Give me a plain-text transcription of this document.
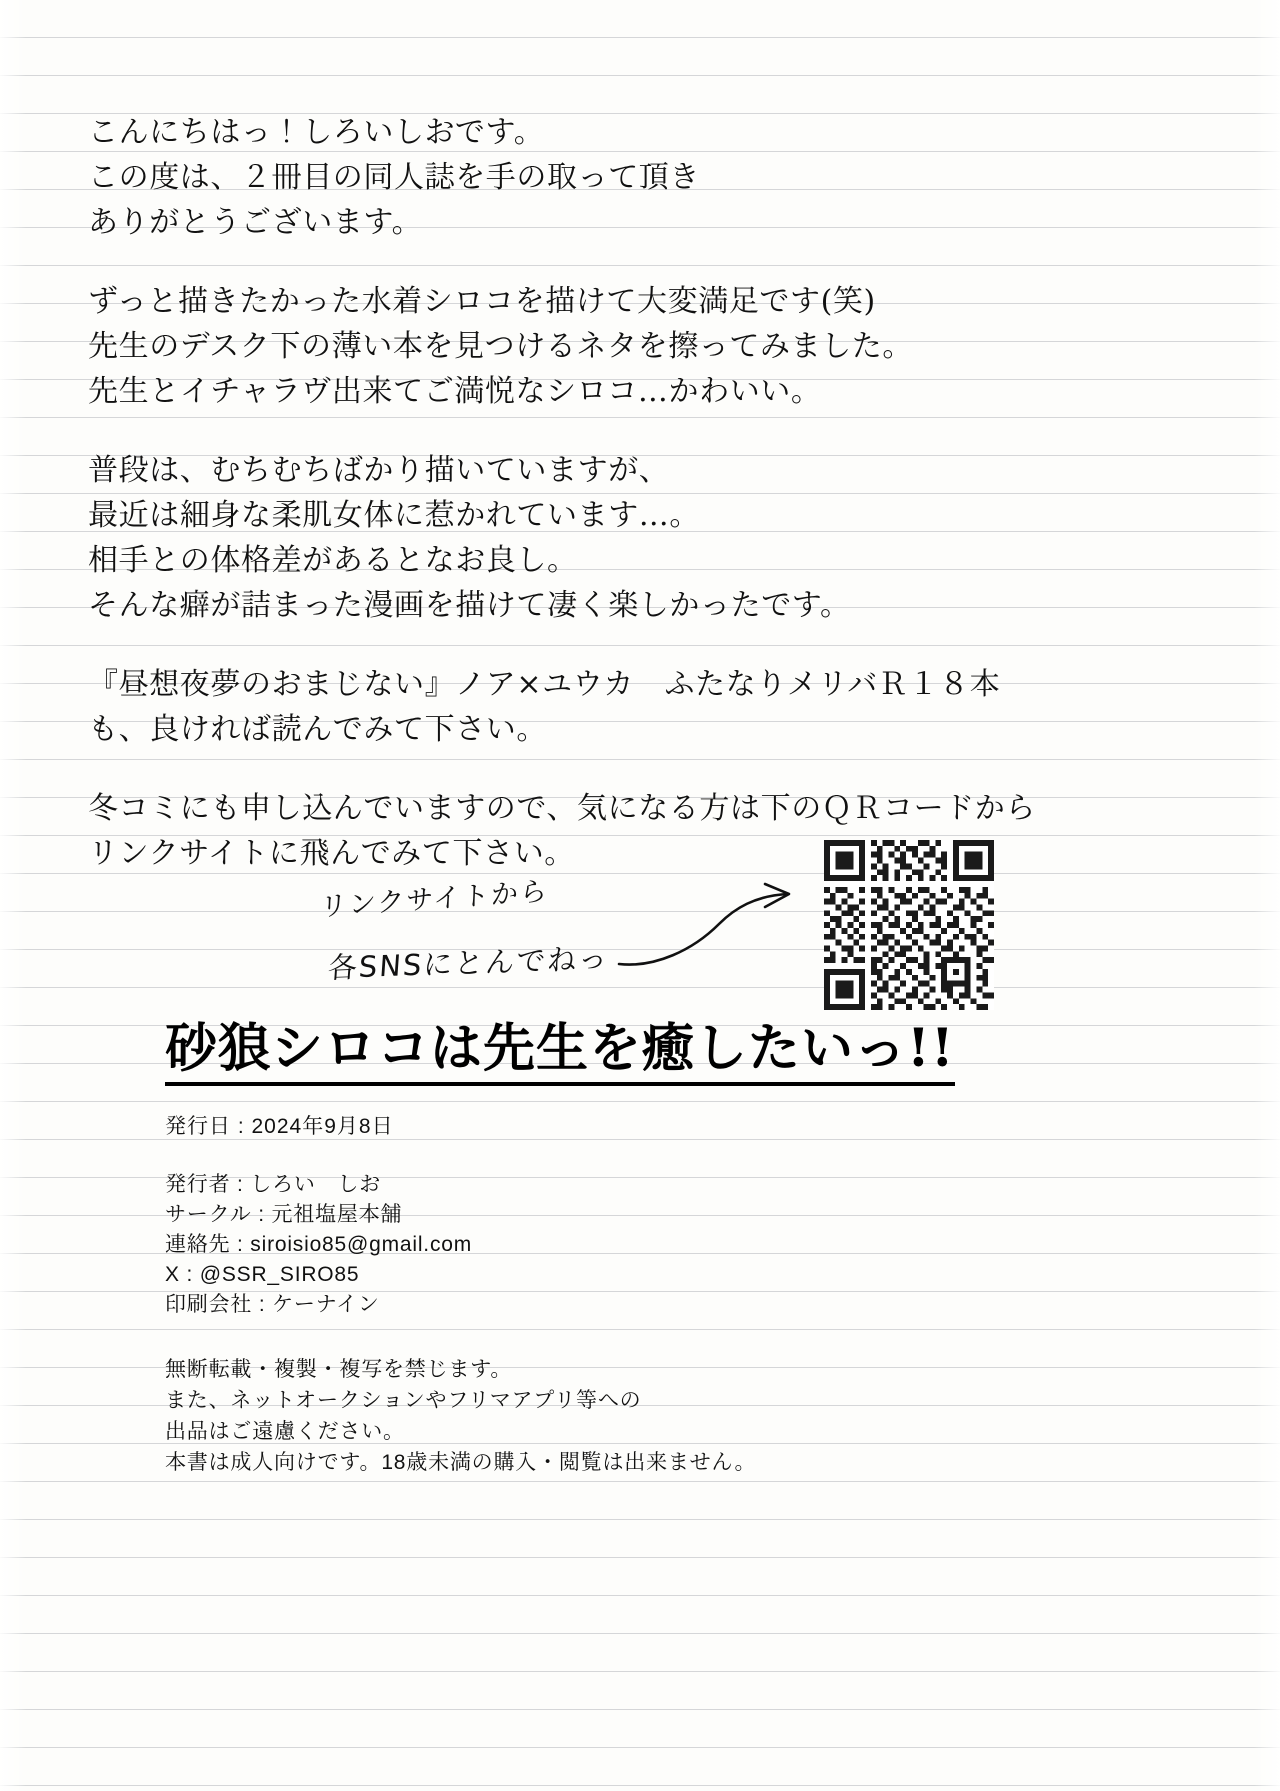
こんにちはっ！しろいしおです。
この度は、２冊目の同人誌を手の取って頂き
ありがとうございます。
ずっと描きたかった水着シロコを描けて大変満足です(笑)
先生のデスク下の薄い本を見つけるネタを擦ってみました。
先生とイチャラヴ出来てご満悦なシロコ…かわいい。
普段は、むちむちばかり描いていますが、
最近は細身な柔肌女体に惹かれています…。
相手との体格差があるとなお良し。
そんな癖が詰まった漫画を描けて凄く楽しかったです。
『昼想夜夢のおまじない』ノア×ユウカ　ふたなりメリバＲ１８本
も、良ければ読んでみて下さい。
冬コミにも申し込んでいますので、気になる方は下のＱＲコードから
リンクサイトに飛んでみて下さい。
リンクサイトから
各SNSにとんでねっ
砂狼シロコは先生を癒したいっ!!
発行日 : 2024年9月8日
発行者 : しろい　しお
サークル : 元祖塩屋本舗
連絡先 : siroisio85@gmail.com
X : @SSR_SIRO85
印刷会社 : ケーナイン
無断転載・複製・複写を禁じます。
また、ネットオークションやフリマアプリ等への
出品はご遠慮ください。
本書は成人向けです。18歳未満の購入・閲覧は出来ません。
